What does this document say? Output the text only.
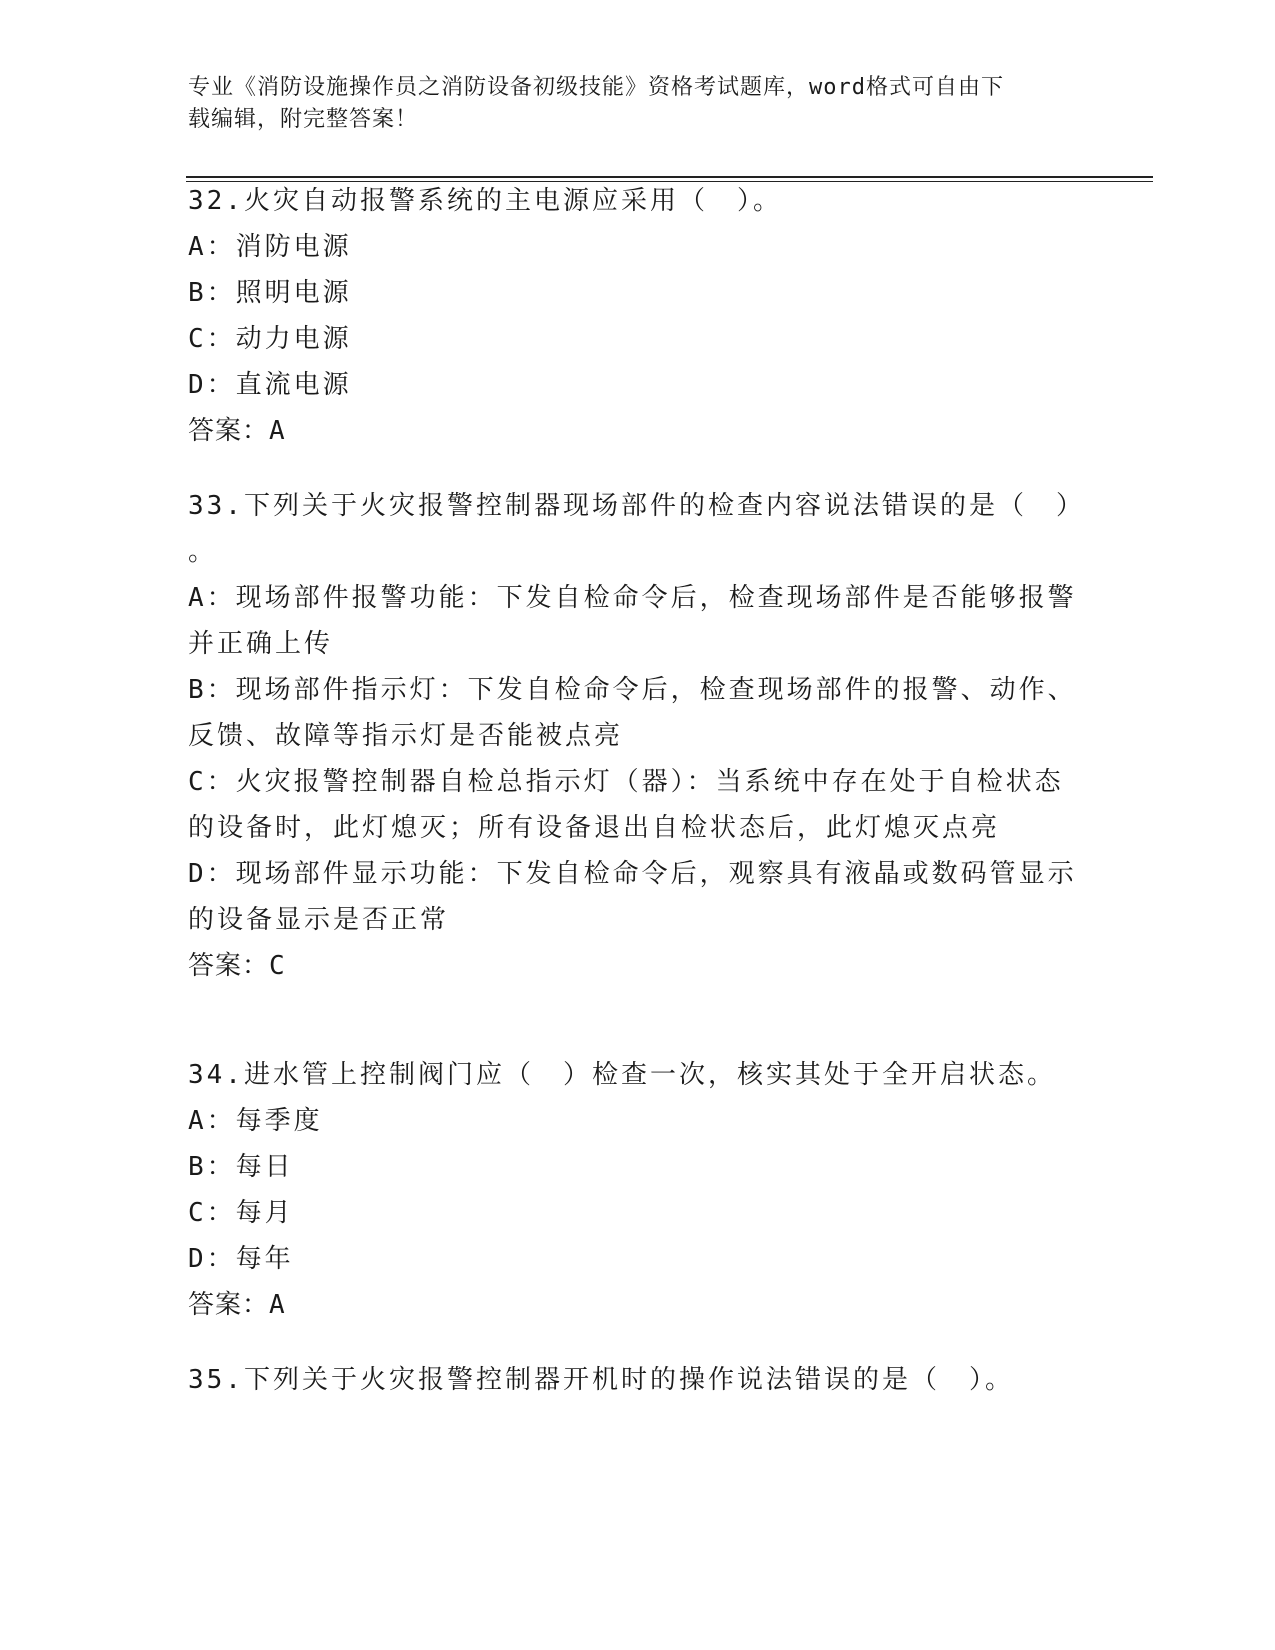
专业《消防设施操作员之消防设备初级技能》资格考试题库，word格式可自由下
载编辑，附完整答案！
32.火灾自动报警系统的主电源应采用（　）。
A：消防电源
B：照明电源
C：动力电源
D：直流电源
答案：A
33.下列关于火灾报警控制器现场部件的检查内容说法错误的是（　）
。
A：现场部件报警功能：下发自检命令后，检查现场部件是否能够报警
并正确上传
B：现场部件指示灯：下发自检命令后，检查现场部件的报警、动作、
反馈、故障等指示灯是否能被点亮
C：火灾报警控制器自检总指示灯（器）：当系统中存在处于自检状态
的设备时，此灯熄灭；所有设备退出自检状态后，此灯熄灭点亮
D：现场部件显示功能：下发自检命令后，观察具有液晶或数码管显示
的设备显示是否正常
答案：C
34.进水管上控制阀门应（　）检查一次，核实其处于全开启状态。
A：每季度
B：每日
C：每月
D：每年
答案：A
35.下列关于火灾报警控制器开机时的操作说法错误的是（　）。
